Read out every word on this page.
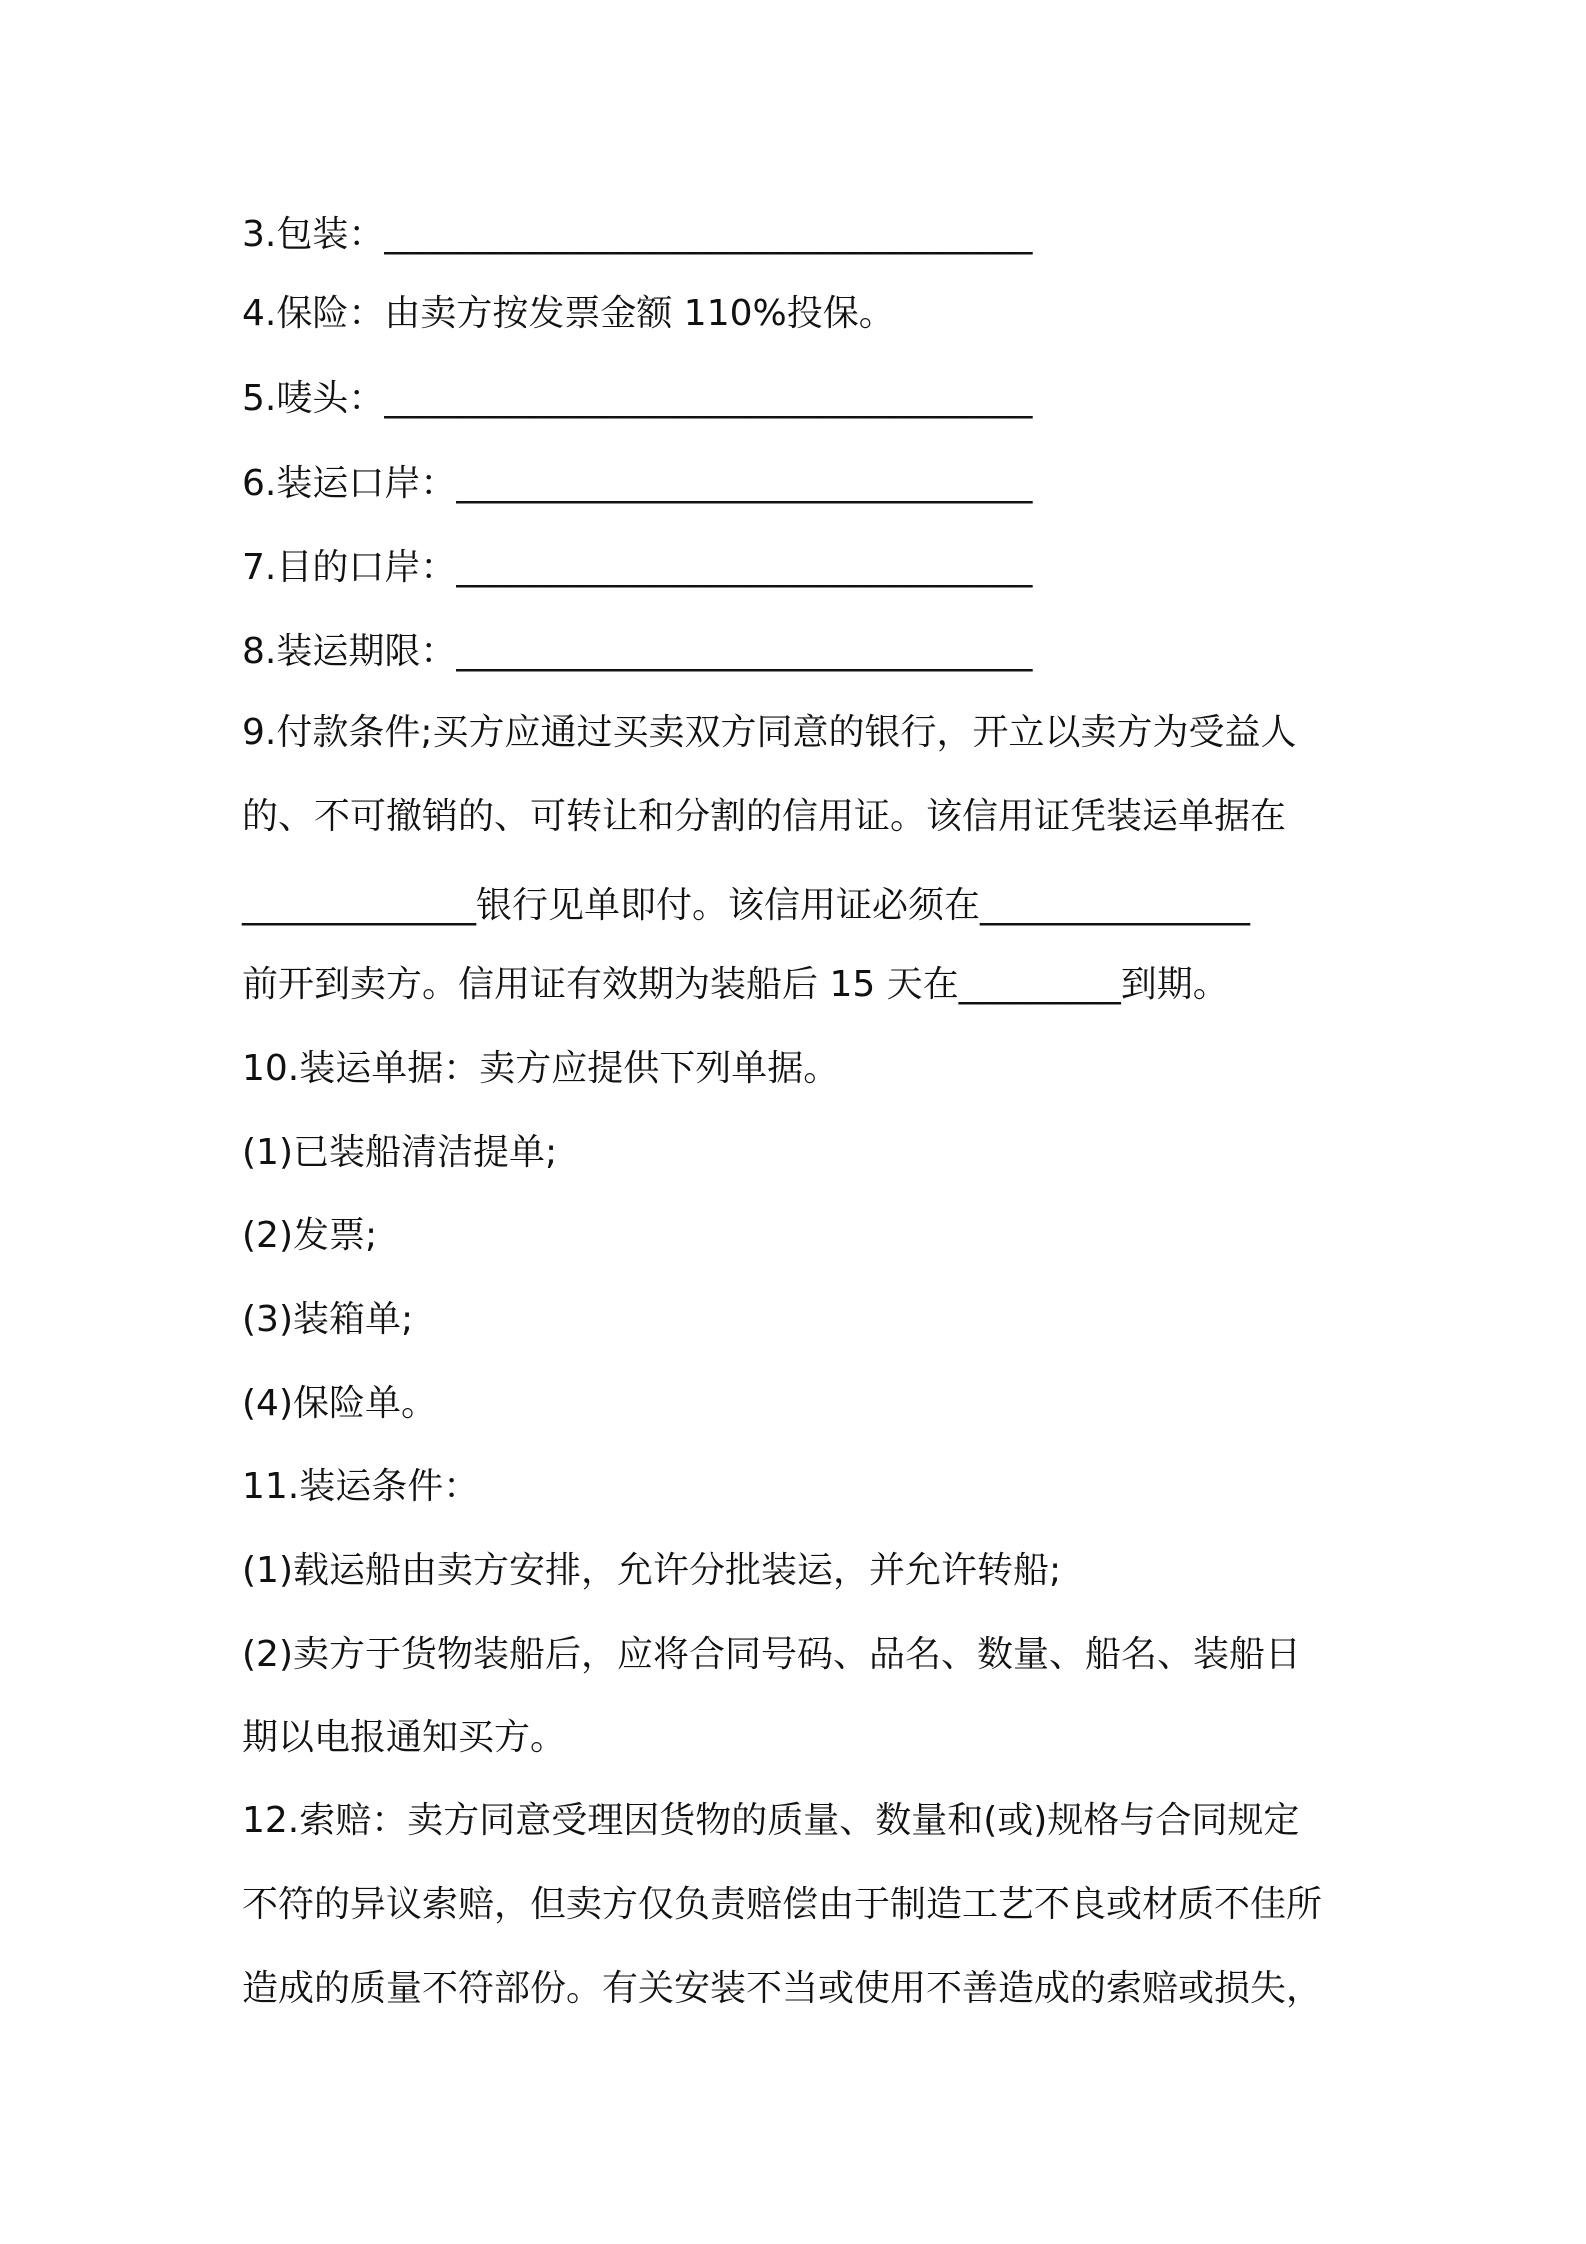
3.包装：____________________________________
4.保险：由卖方按发票金额 110%投保。
5.唛头：____________________________________
6.装运口岸：________________________________
7.目的口岸：________________________________
8.装运期限：________________________________
9.付款条件;买方应通过买卖双方同意的银行，开立以卖方为受益人
的、不可撤销的、可转让和分割的信用证。该信用证凭装运单据在
_____________银行见单即付。该信用证必须在_______________
前开到卖方。信用证有效期为装船后 15 天在_________到期。
10.装运单据：卖方应提供下列单据。
(1)已装船清洁提单;
(2)发票;
(3)装箱单;
(4)保险单。
11.装运条件：
(1)载运船由卖方安排，允许分批装运，并允许转船;
(2)卖方于货物装船后，应将合同号码、品名、数量、船名、装船日
期以电报通知买方。
12.索赔：卖方同意受理因货物的质量、数量和(或)规格与合同规定
不符的异议索赔，但卖方仅负责赔偿由于制造工艺不良或材质不佳所
造成的质量不符部份。有关安装不当或使用不善造成的索赔或损失，
